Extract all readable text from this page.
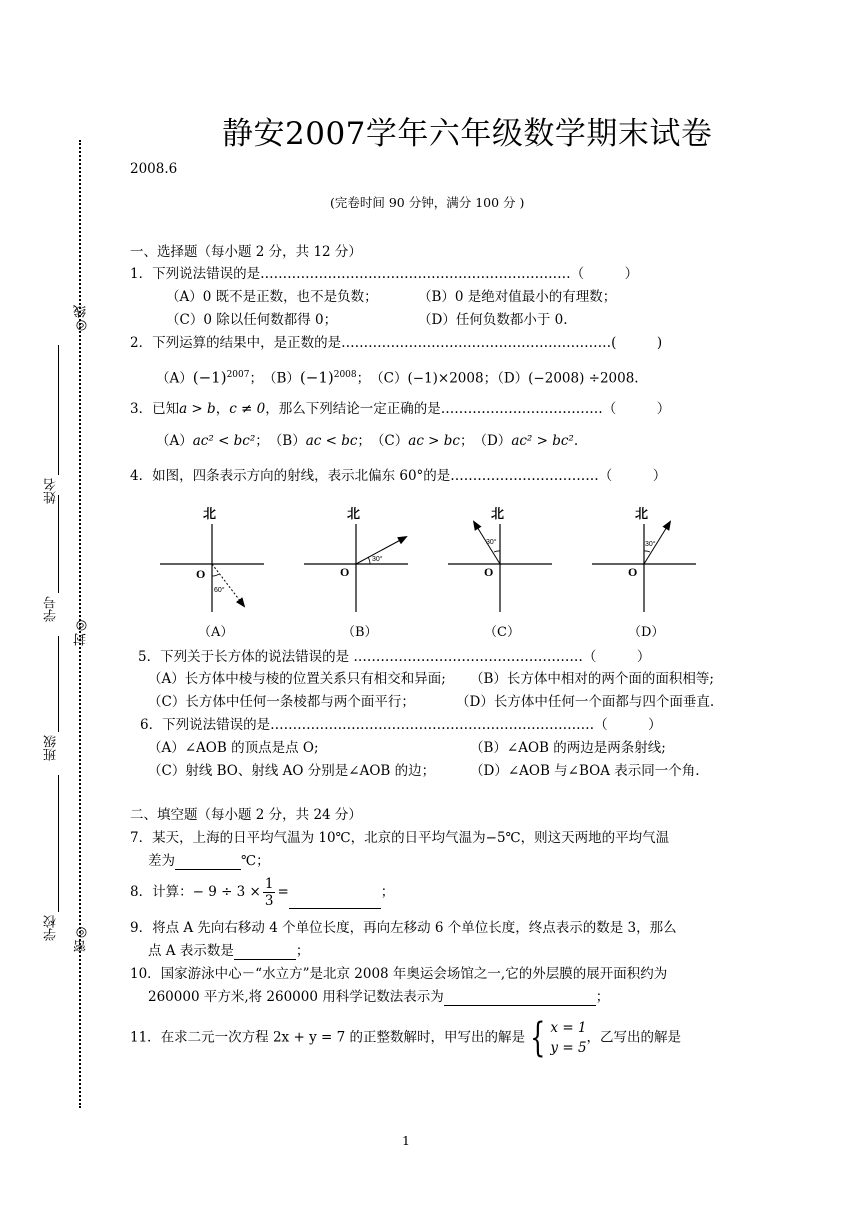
◎线
姓名
学号
封◎
班级
学校 密◎
静安2007学年六年级数学期末试卷
2008.6
(完卷时间 90 分钟，满分 100 分 )
一、选择题（每小题 2 分，共 12 分）
1．下列说法错误的是……………………………………………………………（　　　）
（A）0 既不是正数，也不是负数；	（B）0 是绝对值最小的有理数；
（C）0 除以任何数都得 0；	（D）任何负数都小于 0.
2．下列运算的结果中，是正数的是……………………………………………………(　　　)
$(A)(-1)^{2007}$；　$(B)(-1)^{2008}$；　（C）(−1)×2008；（D）(−2008) ÷2008.
3．已知a > b，c ≠ 0，那么下列结论一定正确的是………………………………（　　　）
（A）ac² < bc²；　（B）ac < bc；　（C）ac > bc；　（D）ac² > bc².
4．如图，四条表示方向的射线，表示北偏东 60°的是……………………………（　　　）
北
O
60°
北
O
30°
北
O
30°
北
O
30°
（A）	（B）	（C）	（D）
5．下列关于长方体的说法错误的是 ……………………………………………（　　　）
（A）长方体中棱与棱的位置关系只有相交和异面; （B）长方体中相对的两个面的面积相等;
（C）长方体中任何一条棱都与两个面平行；	（D）长方体中任何一个面都与四个面垂直.
6．下列说法错误的是………………………………………………………………（　　　）
（A）∠AOB 的顶点是点 O;	（B）∠AOB 的两边是两条射线;
（C）射线 BO、射线 AO 分别是∠AOB 的边；	（D）∠AOB 与∠BOA 表示同一个角.
二、填空题（每小题 2 分，共 24 分）
7．某天，上海的日平均气温为 10℃，北京的日平均气温为−5℃，则这天两地的平均气温
差为	℃；
8．计算：− $9 \div 3 \times \frac{1}{3}$ =	；
9．将点 A 先向右移动 4 个单位长度，再向左移动 6 个单位长度，终点表示的数是 3，那么
点 A 表示数是	；
10．国家游泳中心－“水立方”是北京 2008 年奥运会场馆之一,它的外层膜的展开面积约为
260000 平方米,将 260000 用科学记数法表示为	；
11．在求二元一次方程 2x + y = 7 的正整数解时，甲写出的解是 { x = 1
y = 5
，乙写出的解是
1
